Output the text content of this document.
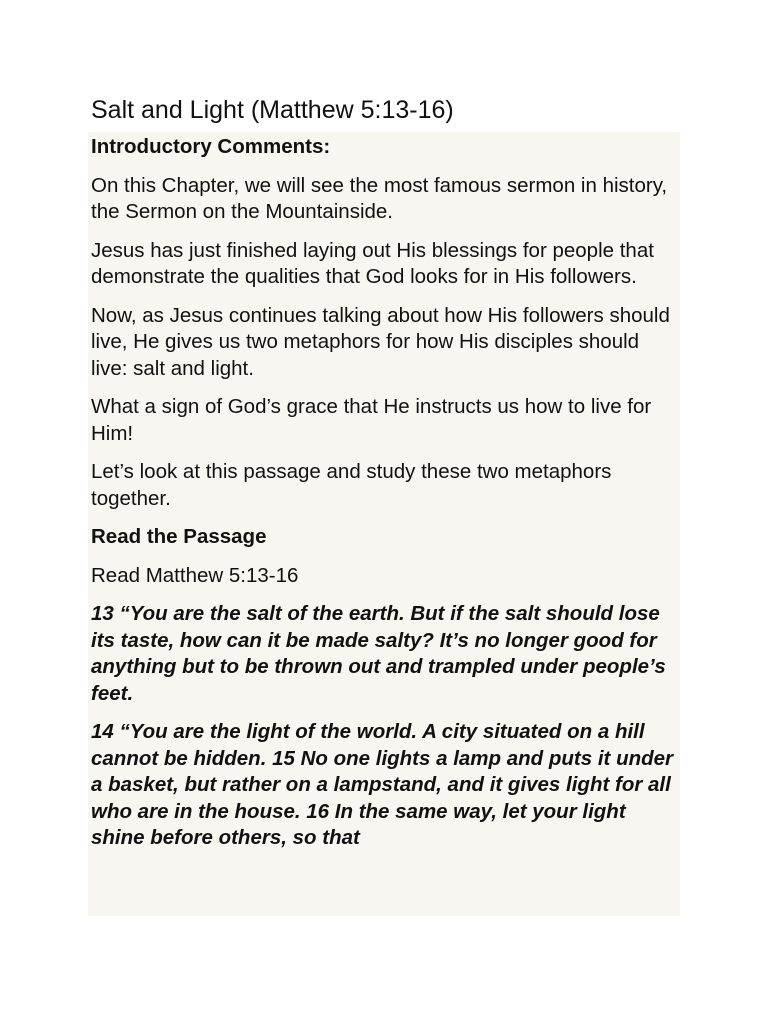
Salt and Light (Matthew 5:13-16)

Introductory Comments:

On this Chapter, we will see the most famous sermon in history, the Sermon on the Mountainside.

Jesus has just finished laying out His blessings for people that demonstrate the qualities that God looks for in His followers.

Now, as Jesus continues talking about how His followers should live, He gives us two metaphors for how His disciples should live: salt and light.

What a sign of God’s grace that He instructs us how to live for Him!

Let’s look at this passage and study these two metaphors together.

Read the Passage

Read Matthew 5:13-16

13 “You are the salt of the earth. But if the salt should lose its taste, how can it be made salty? It’s no longer good for anything but to be thrown out and trampled under people’s feet.

14 “You are the light of the world. A city situated on a hill cannot be hidden. 15 No one lights a lamp and puts it under a basket, but rather on a lampstand, and it gives light for all who are in the house. 16 In the same way, let your light shine before others, so that
